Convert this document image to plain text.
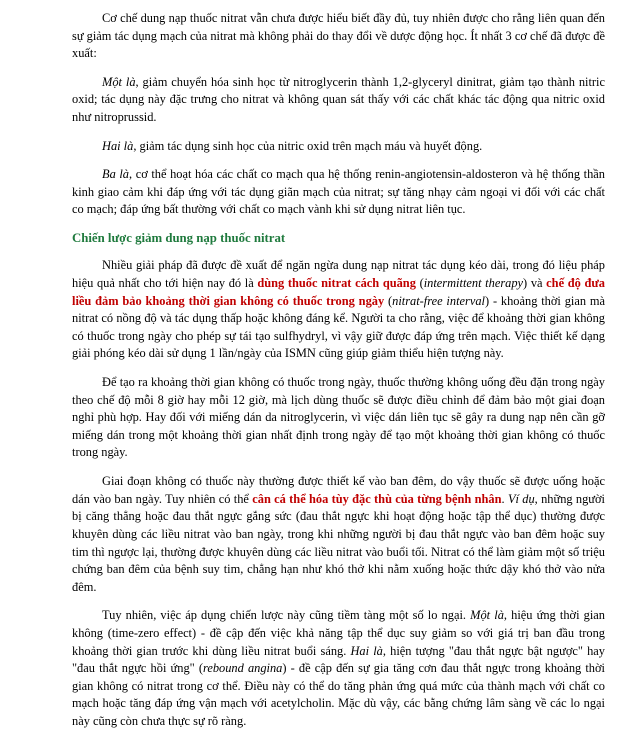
Cơ chế dung nạp thuốc nitrat vẫn chưa được hiểu biết đầy đủ, tuy nhiên được cho rằng liên quan đến sự giảm tác dụng mạch của nitrat mà không phải do thay đổi về dược động học. Ít nhất 3 cơ chế đã được đề xuất:

Một là, giảm chuyển hóa sinh học từ nitroglycerin thành 1,2-glyceryl dinitrat, giảm tạo thành nitric oxid; tác dụng này đặc trưng cho nitrat và không quan sát thấy với các chất khác tác động qua nitric oxid như nitroprussid.

Hai là, giảm tác dụng sinh học của nitric oxid trên mạch máu và huyết động.

Ba là, cơ thể hoạt hóa các chất co mạch qua hệ thống renin-angiotensin-aldosteron và hệ thống thần kinh giao cảm khi đáp ứng với tác dụng giãn mạch của nitrat; sự tăng nhạy cảm ngoại vi đối với các chất co mạch; đáp ứng bất thường với chất co mạch vành khi sử dụng nitrat liên tục.

Chiến lược giảm dung nạp thuốc nitrat

Nhiều giải pháp đã được đề xuất để ngăn ngừa dung nạp nitrat tác dụng kéo dài, trong đó liệu pháp hiệu quả nhất cho tới hiện nay đó là dùng thuốc nitrat cách quãng (intermittent therapy) và chế độ đưa liều đảm bảo khoảng thời gian không có thuốc trong ngày (nitrat-free interval) - khoảng thời gian mà nitrat có nồng độ và tác dụng thấp hoặc không đáng kể. Người ta cho rằng, việc để khoảng thời gian không có thuốc trong ngày cho phép sự tái tạo sulfhydryl, vì vậy giữ được đáp ứng trên mạch. Việc thiết kế dạng giải phóng kéo dài sử dụng 1 lần/ngày của ISMN cũng giúp giảm thiểu hiện tượng này.

Để tạo ra khoảng thời gian không có thuốc trong ngày, thuốc thường không uống đều đặn trong ngày theo chế độ mỗi 8 giờ hay mỗi 12 giờ, mà lịch dùng thuốc sẽ được điều chỉnh để đảm bảo một giai đoạn nghỉ phù hợp. Hay đối với miếng dán da nitroglycerin, vì việc dán liên tục sẽ gây ra dung nạp nên cần gỡ miếng dán trong một khoảng thời gian nhất định trong ngày để tạo một khoảng thời gian không có thuốc trong ngày.

Giai đoạn không có thuốc này thường được thiết kế vào ban đêm, do vậy thuốc sẽ được uống hoặc dán vào ban ngày. Tuy nhiên có thể cân cá thể hóa tùy đặc thù của từng bệnh nhân. Ví dụ, những người bị căng thẳng hoặc đau thắt ngực gắng sức (đau thắt ngực khi hoạt động hoặc tập thể dục) thường được khuyên dùng các liều nitrat vào ban ngày, trong khi những người bị đau thắt ngực vào ban đêm hoặc suy tim thì ngược lại, thường được khuyên dùng các liều nitrat vào buổi tối. Nitrat có thể làm giảm một số triệu chứng ban đêm của bệnh suy tim, chẳng hạn như khó thở khi nằm xuống hoặc thức dậy khó thở vào nửa đêm.

Tuy nhiên, việc áp dụng chiến lược này cũng tiềm tàng một số lo ngại. Một là, hiệu ứng thời gian không (time-zero effect) - đề cập đến việc khả năng tập thể dục suy giảm so với giá trị ban đầu trong khoảng thời gian trước khi dùng liều nitrat buổi sáng. Hai là, hiện tượng "đau thắt ngực bật ngược" hay "đau thắt ngực hồi ứng" (rebound angina) - đề cập đến sự gia tăng cơn đau thắt ngực trong khoảng thời gian không có nitrat trong cơ thể. Điều này có thể do tăng phản ứng quá mức của thành mạch với chất co mạch hoặc tăng đáp ứng vận mạch với acetylcholin. Mặc dù vậy, các bằng chứng lâm sàng về các lo ngại này cũng còn chưa thực sự rõ ràng.
